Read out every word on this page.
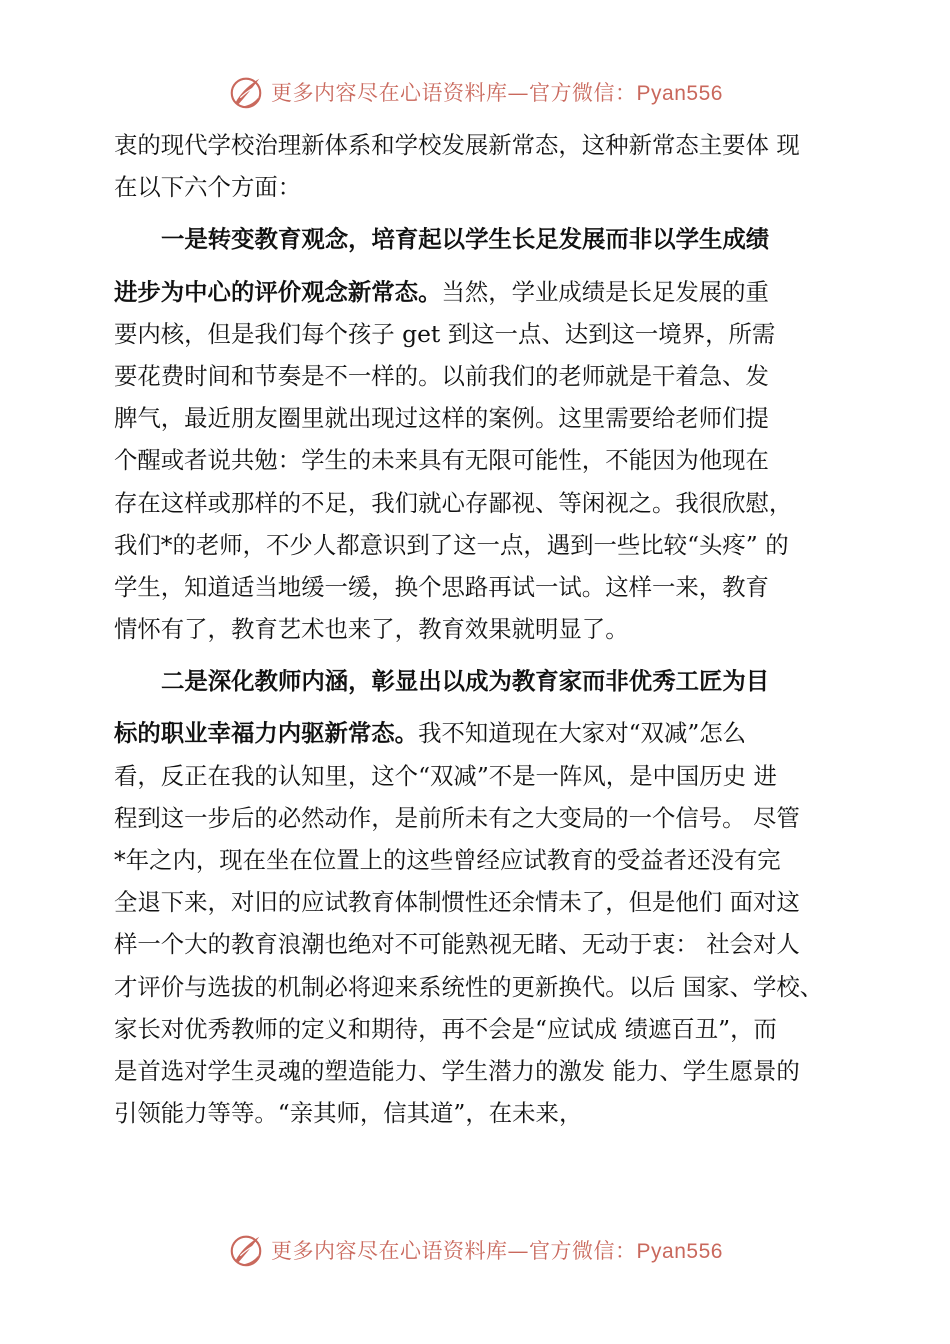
更多内容尽在心语资料库—官方微信：Pyan556
衷的现代学校治理新体系和学校发展新常态，这种新常态主要体 现
在以下六个方面：
一是转变教育观念，培育起以学生长足发展而非以学生成绩
进步为中心的评价观念新常态。当然，学业成绩是长足发展的重
要内核，但是我们每个孩子 get 到这一点、达到这一境界，所需
要花费时间和节奏是不一样的。以前我们的老师就是干着急、发
脾气，最近朋友圈里就出现过这样的案例。这里需要给老师们提
个醒或者说共勉：学生的未来具有无限可能性，不能因为他现在
存在这样或那样的不足，我们就心存鄙视、等闲视之。我很欣慰，
我们*的老师，不少人都意识到了这一点，遇到一些比较“头疼” 的
学生，知道适当地缓一缓，换个思路再试一试。这样一来，教育
情怀有了，教育艺术也来了，教育效果就明显了。
二是深化教师内涵，彰显出以成为教育家而非优秀工匠为目
标的职业幸福力内驱新常态。我不知道现在大家对“双减”怎么
看，反正在我的认知里，这个“双减”不是一阵风，是中国历史 进
程到这一步后的必然动作，是前所未有之大变局的一个信号。 尽管
*年之内，现在坐在位置上的这些曾经应试教育的受益者还没有完
全退下来，对旧的应试教育体制惯性还余情未了，但是他们 面对这
样一个大的教育浪潮也绝对不可能熟视无睹、无动于衷： 社会对人
才评价与选拔的机制必将迎来系统性的更新换代。以后 国家、学校、
家长对优秀教师的定义和期待，再不会是“应试成 绩遮百丑”，而
是首选对学生灵魂的塑造能力、学生潜力的激发 能力、学生愿景的
引领能力等等。“亲其师，信其道”，在未来，
更多内容尽在心语资料库—官方微信：Pyan556
